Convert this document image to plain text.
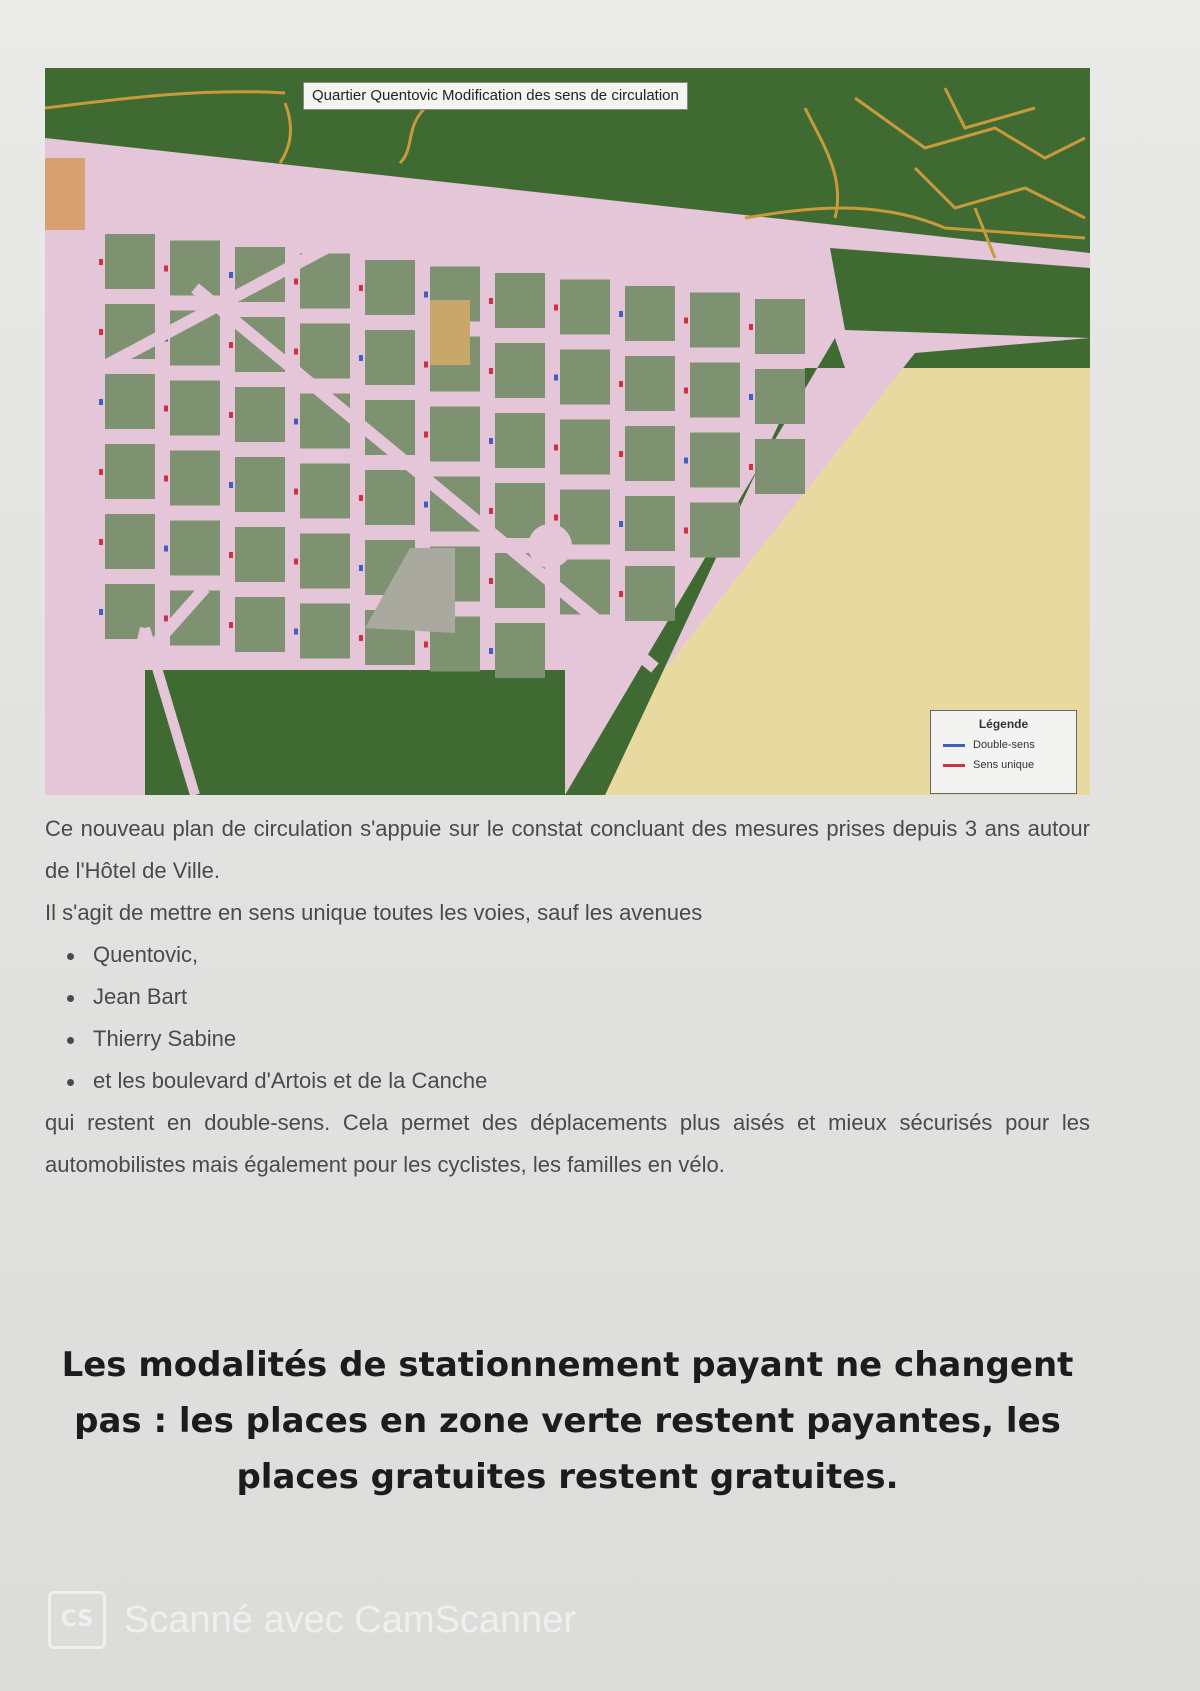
Quartier Quentovic Modification des sens de circulation
Légende
Double-sens
Sens unique

Ce nouveau plan de circulation s'appuie sur le constat concluant des mesures prises depuis 3 ans autour de l'Hôtel de Ville.

Il s'agit de mettre en sens unique toutes les voies, sauf les avenues

Quentovic,
Jean Bart
Thierry Sabine
et les boulevard d'Artois et de la Canche

qui restent en double-sens. Cela permet des déplacements plus aisés et mieux sécurisés pour les automobilistes mais également pour les cyclistes, les familles en vélo.

Les modalités de stationnement payant ne changent pas : les places en zone verte restent payantes, les places gratuites restent gratuites.
CS Scanné avec CamScanner
